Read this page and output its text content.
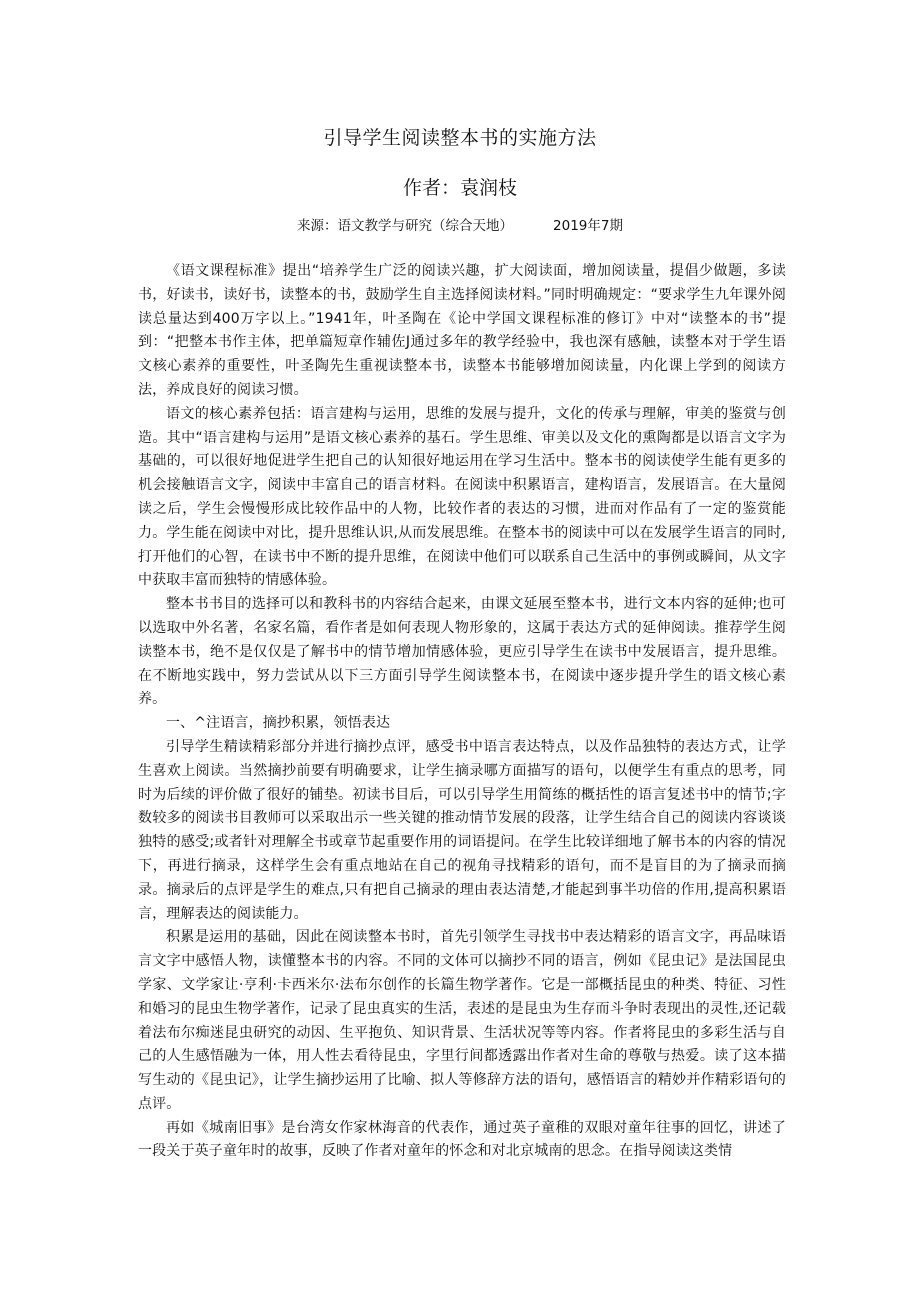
引导学生阅读整本书的实施方法
作者：袁润枝
来源：语文教学与研究（综合天地）	2019年7期

《语文课程标准》提出“培养学生广泛的阅读兴趣，扩大阅读面，增加阅读量，提倡少做题，多读书，好读书，读好书，读整本的书，鼓励学生自主选择阅读材料。”同时明确规定：“要求学生九年课外阅读总量达到400万字以上。”1941年，叶圣陶在《论中学国文课程标准的修订》中对“读整本的书”提到：“把整本书作主体，把单篇短章作辅佐J通过多年的教学经验中，我也深有感触，读整本对于学生语文核心素养的重要性，叶圣陶先生重视读整本书，读整本书能够增加阅读量，内化课上学到的阅读方法，养成良好的阅读习惯。

语文的核心素养包括：语言建构与运用，思维的发展与提升，文化的传承与理解，审美的鉴赏与创造。其中“语言建构与运用”是语文核心素养的基石。学生思维、审美以及文化的熏陶都是以语言文字为基础的，可以很好地促进学生把自己的认知很好地运用在学习生活中。整本书的阅读使学生能有更多的机会接触语言文字，阅读中丰富自己的语言材料。在阅读中积累语言，建构语言，发展语言。在大量阅读之后，学生会慢慢形成比较作品中的人物，比较作者的表达的习惯，进而对作品有了一定的鉴赏能力。学生能在阅读中对比，提升思维认识,从而发展思维。在整本书的阅读中可以在发展学生语言的同时,打开他们的心智，在读书中不断的提升思维，在阅读中他们可以联系自己生活中的事例或瞬间，从文字中获取丰富而独特的情感体验。

整本书书目的选择可以和教科书的内容结合起来，由课文延展至整本书，进行文本内容的延伸;也可以选取中外名著，名家名篇，看作者是如何表现人物形象的，这属于表达方式的延伸阅读。推荐学生阅读整本书，绝不是仅仅是了解书中的情节增加情感体验，更应引导学生在读书中发展语言，提升思维。在不断地实践中，努力尝试从以下三方面引导学生阅读整本书，在阅读中逐步提升学生的语文核心素养。

一、^注语言，摘抄积累，领悟表达

引导学生精读精彩部分并进行摘抄点评，感受书中语言表达特点，以及作品独特的表达方式，让学生喜欢上阅读。当然摘抄前要有明确要求，让学生摘录哪方面描写的语句，以便学生有重点的思考，同时为后续的评价做了很好的铺垫。初读书目后，可以引导学生用简练的概括性的语言复述书中的情节;字数较多的阅读书目教师可以采取出示一些关键的推动情节发展的段落，让学生结合自己的阅读内容谈谈独特的感受;或者针对理解全书或章节起重要作用的词语提问。在学生比较详细地了解书本的内容的情况下，再进行摘录，这样学生会有重点地站在自己的视角寻找精彩的语句，而不是盲目的为了摘录而摘录。摘录后的点评是学生的难点,只有把自己摘录的理由表达清楚,才能起到事半功倍的作用,提高积累语言，理解表达的阅读能力。

积累是运用的基础，因此在阅读整本书时，首先引领学生寻找书中表达精彩的语言文字，再品味语言文字中感悟人物，读懂整本书的内容。不同的文体可以摘抄不同的语言，例如《昆虫记》是法国昆虫学家、文学家让·亨利·卡西米尔·法布尔创作的长篇生物学著作。它是一部概括昆虫的种类、特征、习性和婚习的昆虫生物学著作，记录了昆虫真实的生活，表述的是昆虫为生存而斗争时表现出的灵性,还记载着法布尔痴迷昆虫研究的动因、生平抱负、知识背景、生活状况等等内容。作者将昆虫的多彩生活与自己的人生感悟融为一体，用人性去看待昆虫，字里行间都透露出作者对生命的尊敬与热爱。读了这本描写生动的《昆虫记》，让学生摘抄运用了比喻、拟人等修辞方法的语句，感悟语言的精妙并作精彩语句的点评。

再如《城南旧事》是台湾女作家林海音的代表作，通过英子童稚的双眼对童年往事的回忆，讲述了一段关于英子童年时的故事，反映了作者对童年的怀念和对北京城南的思念。在指导阅读这类情
